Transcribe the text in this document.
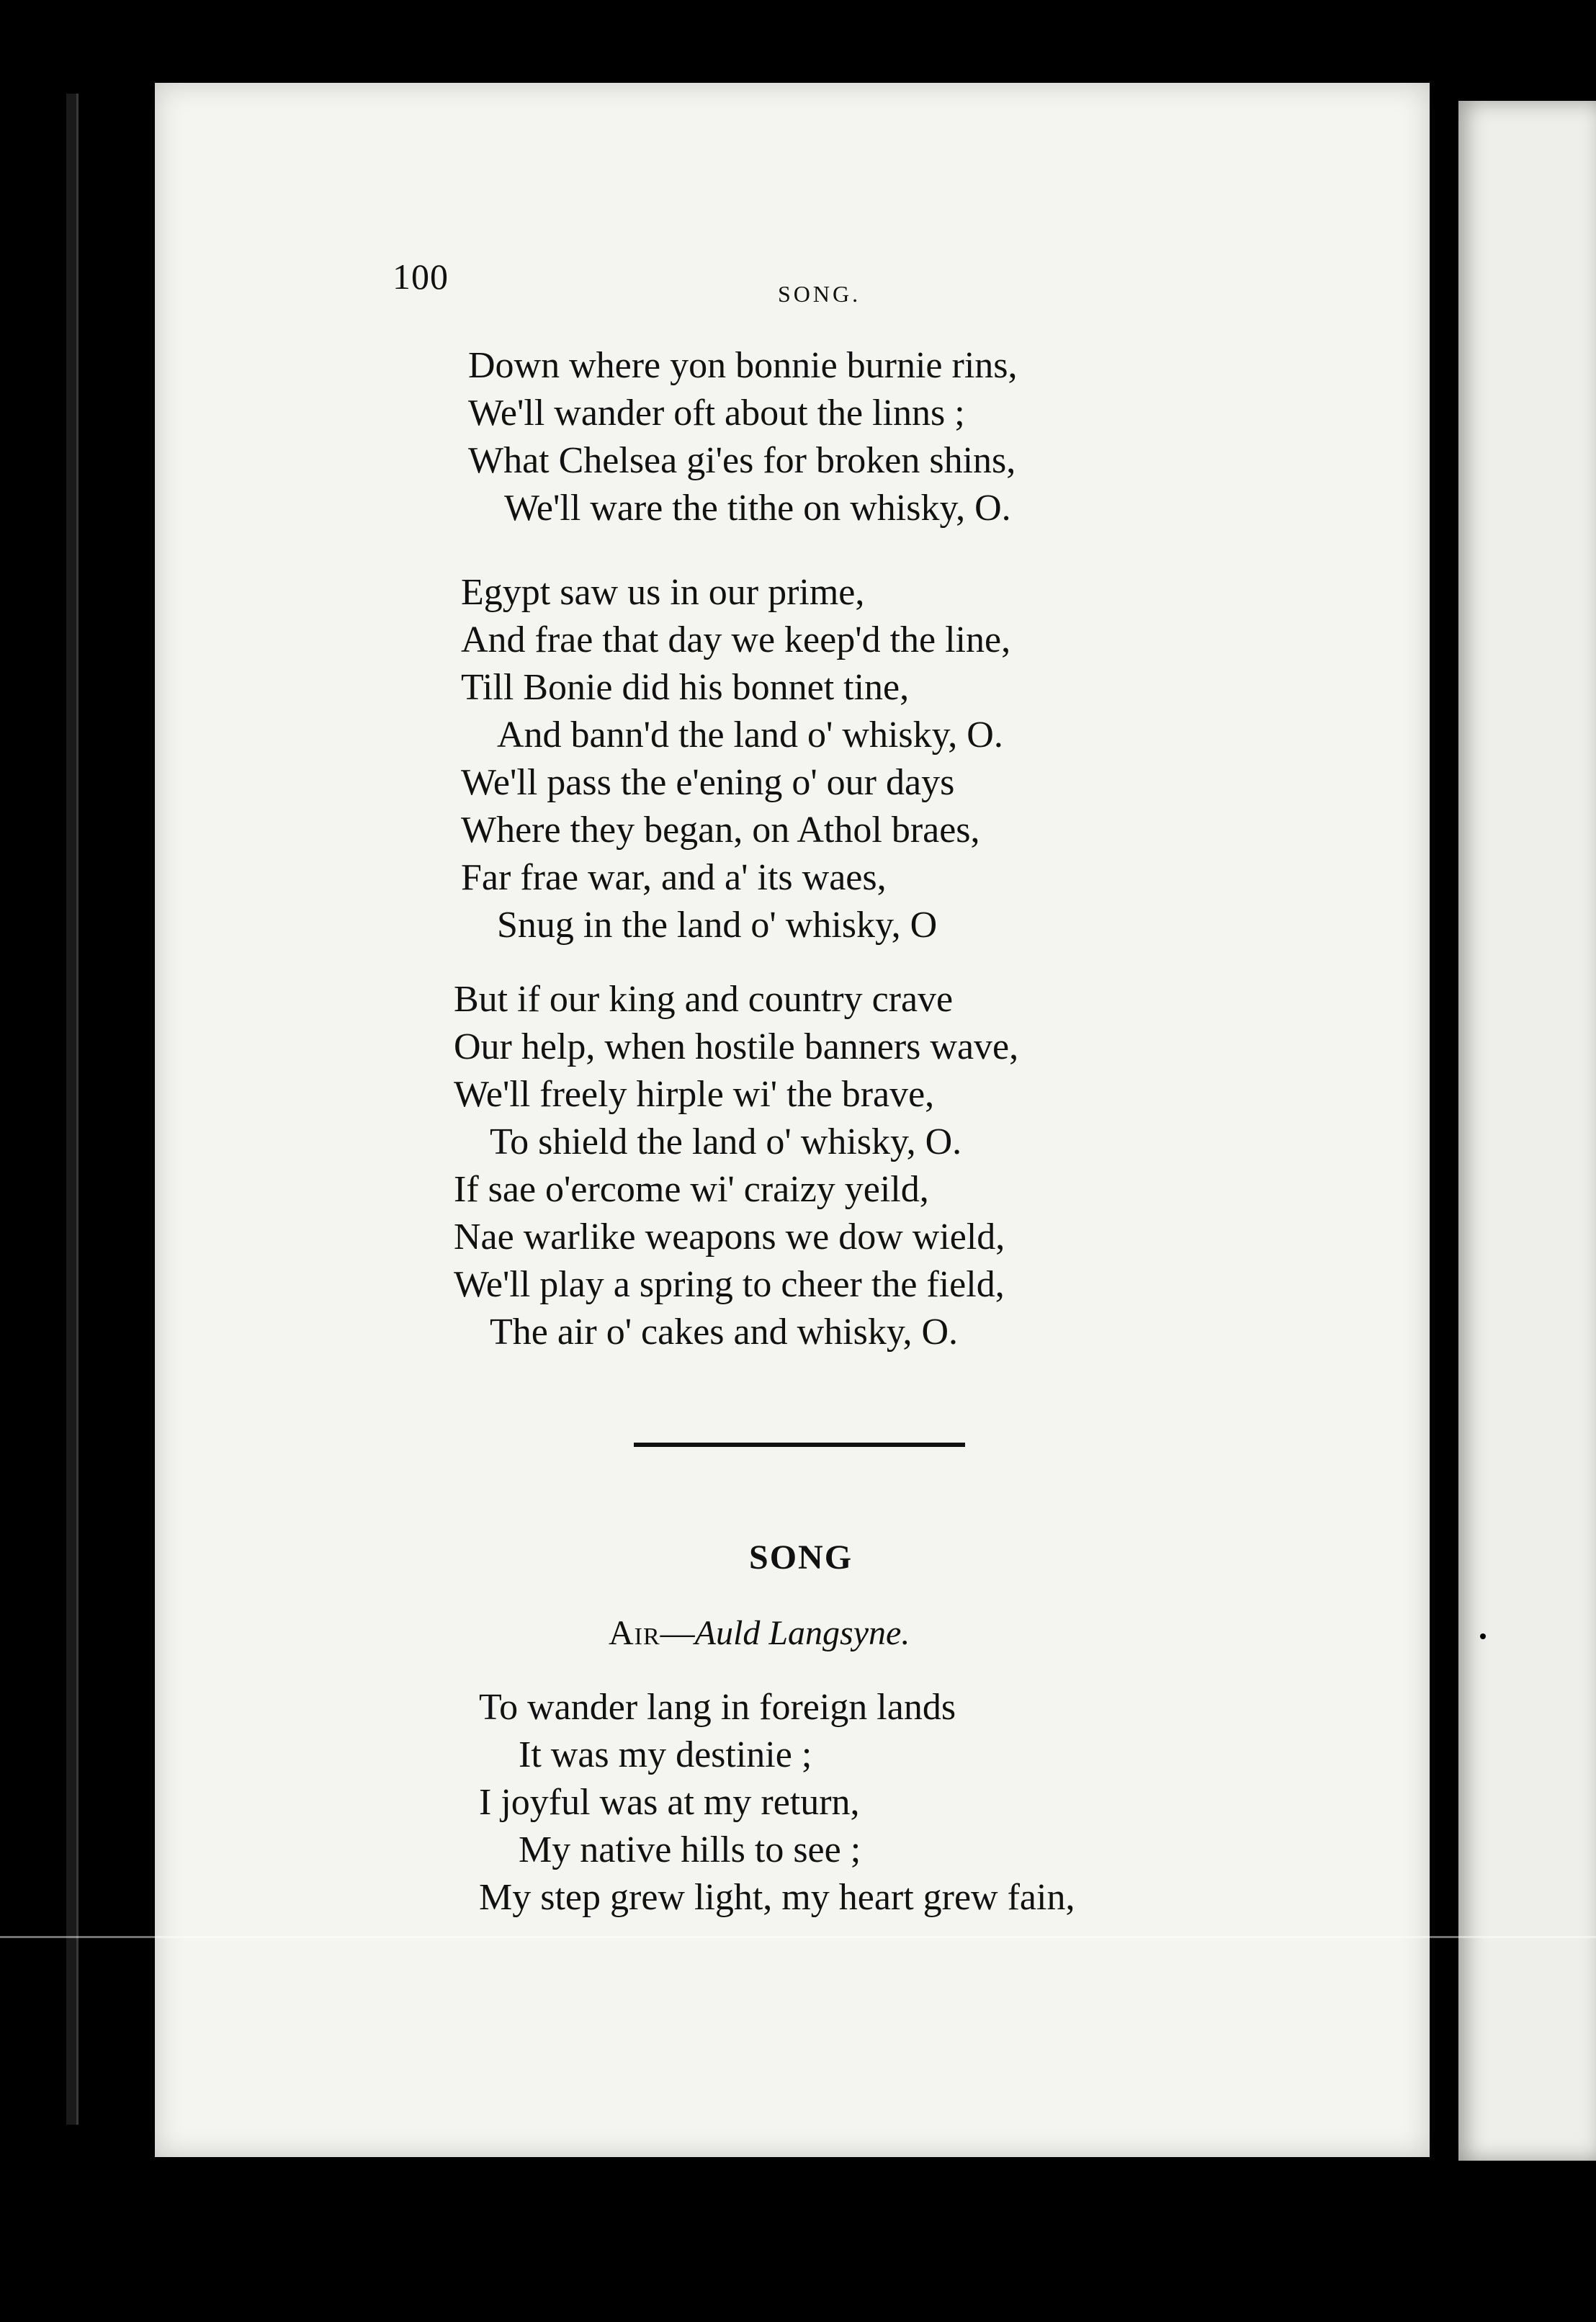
100	SONG.
Down where yon bonnie burnie rins,
We'll wander oft about the linns ;
What Chelsea gi'es for broken shins,
We'll ware the tithe on whisky, O.
Egypt saw us in our prime,
And frae that day we keep'd the line,
Till Bonie did his bonnet tine,
And bann'd the land o' whisky, O.
We'll pass the e'ening o' our days
Where they began, on Athol braes,
Far frae war, and a' its waes,
Snug in the land o' whisky, O
But if our king and country crave
Our help, when hostile banners wave,
We'll freely hirple wi' the brave,
To shield the land o' whisky, O.
If sae o'ercome wi' craizy yeild,
Nae warlike weapons we dow wield,
We'll play a spring to cheer the field,
The air o' cakes and whisky, O.
SONG
Air—Auld Langsyne.
To wander lang in foreign lands
It was my destinie ;
I joyful was at my return,
My native hills to see ;
My step grew light, my heart grew fain,
